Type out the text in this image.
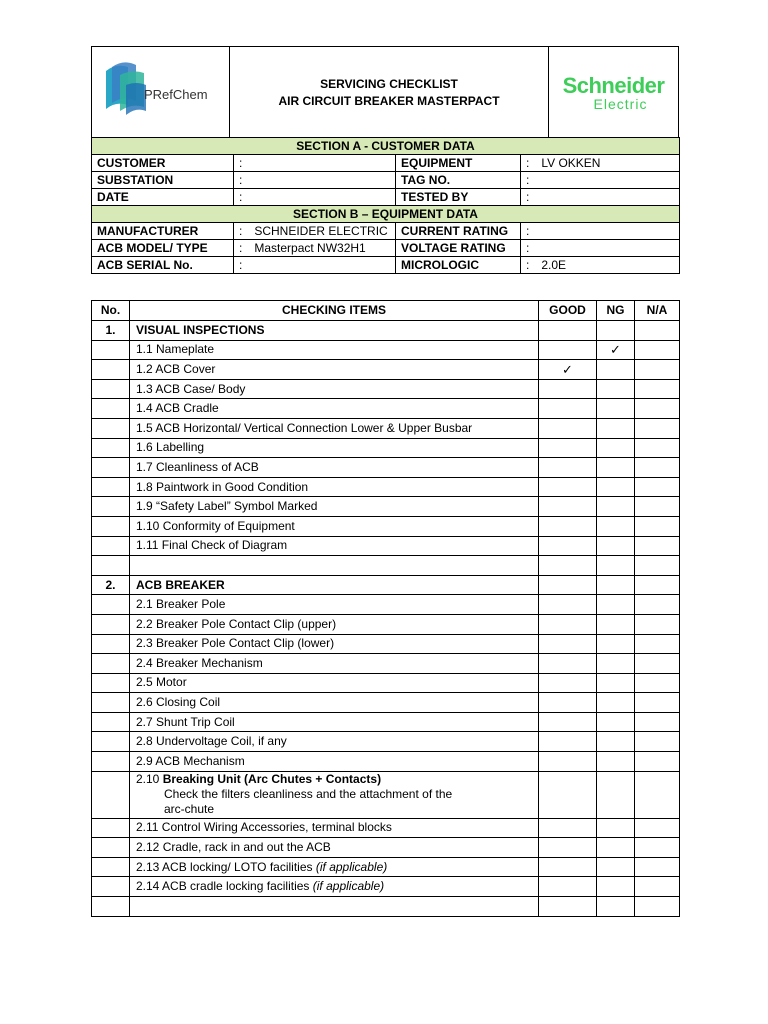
PRefChem

SERVICING CHECKLIST
AIR CIRCUIT BREAKER MASTERPACT

Schneider
Electric
SECTION A - CUSTOMER DATA			
CUSTOMER	:	EQUIPMENT	: LV OKKEN
SUBSTATION	:	TAG NO.	:
DATE	:	TESTED BY	:
SECTION B – EQUIPMENT DATA			
MANUFACTURER	: SCHNEIDER ELECTRIC	CURRENT RATING	:
ACB MODEL/ TYPE	: Masterpact NW32H1	VOLTAGE RATING	:
ACB SERIAL No.	:	MICROLOGIC	: 2.0E
No.	CHECKING ITEMS	GOOD	NG	N/A
1.	VISUAL INSPECTIONS			
	1.1 Nameplate		✓	
	1.2 ACB Cover	✓		
	1.3 ACB Case/ Body			
	1.4 ACB Cradle			
	1.5 ACB Horizontal/ Vertical Connection Lower & Upper Busbar			
	1.6 Labelling			
	1.7 Cleanliness of ACB			
	1.8 Paintwork in Good Condition			
	1.9 “Safety Label” Symbol Marked			
	1.10 Conformity of Equipment			
	1.11 Final Check of Diagram			

2.	ACB BREAKER			
	2.1 Breaker Pole			
	2.2 Breaker Pole Contact Clip (upper)			
	2.3 Breaker Pole Contact Clip (lower)			
	2.4 Breaker Mechanism			
	2.5 Motor			
	2.6 Closing Coil			
	2.7 Shunt Trip Coil			
	2.8 Undervoltage Coil, if any			
	2.9 ACB Mechanism			

	2.10 Breaking Unit (Arc Chutes + Contacts)
Check the filters cleanliness and the attachment of the
arc-chute			

	2.11 Control Wiring Accessories, terminal blocks			
	2.12 Cradle, rack in and out the ACB			
	2.13 ACB locking/ LOTO facilities (if applicable)			
	2.14 ACB cradle locking facilities (if applicable)			
